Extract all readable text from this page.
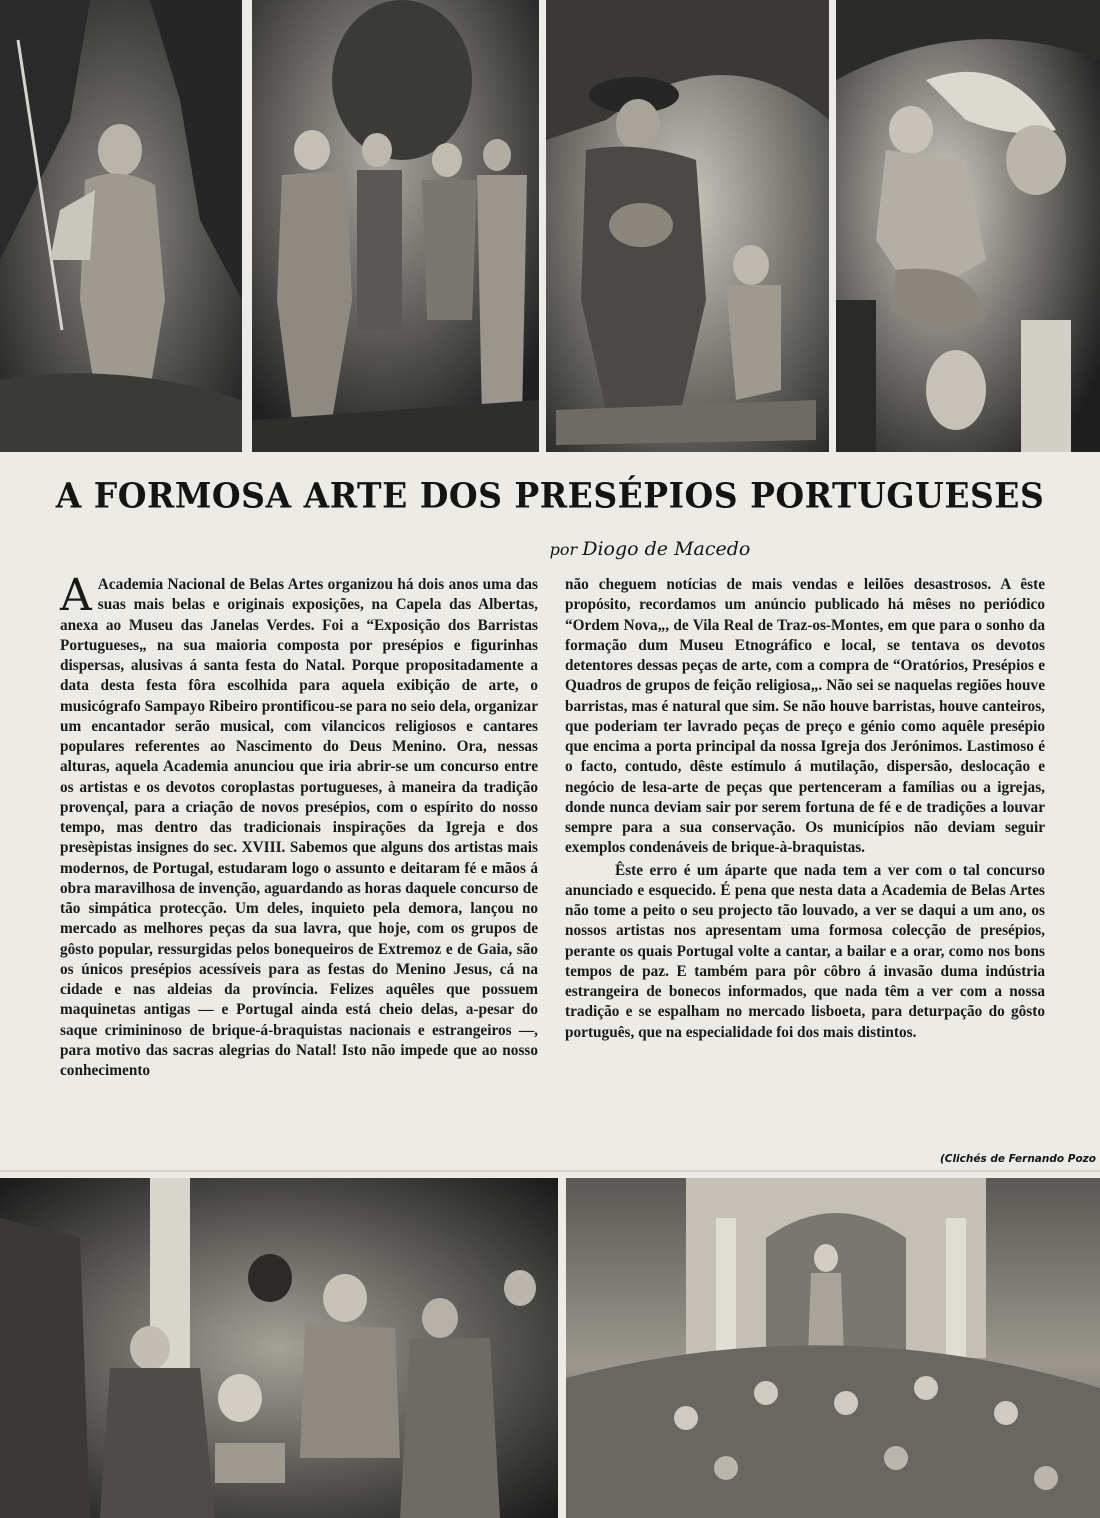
A FORMOSA ARTE DOS PRESÉPIOS PORTUGUESES
por Diogo de Macedo

A Academia Nacional de Belas Artes organizou há dois anos uma das suas mais belas e originais exposições, na Capela das Albertas, anexa ao Museu das Janelas Verdes. Foi a “Exposição dos Barristas Portugueses„ na sua maioria composta por presépios e figurinhas dispersas, alusivas á santa festa do Natal. Porque propositadamente a data desta festa fôra escolhida para aquela exibição de arte, o musicógrafo Sampayo Ribeiro prontificou-se para no seio dela, organizar um encantador serão musical, com vilancicos religiosos e cantares populares referentes ao Nascimento do Deus Menino. Ora, nessas alturas, aquela Academia anunciou que iria abrir-se um concurso entre os artistas e os devotos coroplastas portugueses, à maneira da tradição provençal, para a criação de novos presépios, com o espírito do nosso tempo, mas dentro das tradicionais inspirações da Igreja e dos presèpistas insignes do sec. XVIII. Sabemos que alguns dos artistas mais modernos, de Portugal, estudaram logo o assunto e deitaram fé e mãos á obra maravilhosa de invenção, aguardando as horas daquele concurso de tão simpática protecção. Um deles, inquieto pela demora, lançou no mercado as melhores peças da sua lavra, que hoje, com os grupos de gôsto popular, ressurgidas pelos bonequeiros de Extremoz e de Gaia, são os únicos presépios acessíveis para as festas do Menino Jesus, cá na cidade e nas aldeias da província. Felizes aquêles que possuem maquinetas antigas — e Portugal ainda está cheio delas, a-pesar do saque crimininoso de brique-á-braquistas nacionais e estrangeiros —, para motivo das sacras alegrias do Natal! Isto não impede que ao nosso conhecimento

não cheguem notícias de mais vendas e leilões desastrosos. A êste propósito, recordamos um anúncio publicado há mêses no periódico “Ordem Nova„, de Vila Real de Traz-os-Montes, em que para o sonho da formação dum Museu Etnográfico e local, se tentava os devotos detentores dessas peças de arte, com a compra de “Oratórios, Presépios e Quadros de grupos de feição religiosa„. Não sei se naquelas regiões houve barristas, mas é natural que sim. Se não houve barristas, houve canteiros, que poderiam ter lavrado peças de preço e génio como aquêle presépio que encima a porta principal da nossa Igreja dos Jerónimos. Lastimoso é o facto, contudo, dêste estímulo á mutilação, dispersão, deslocação e negócio de lesa-arte de peças que pertenceram a famílias ou a igrejas, donde nunca deviam sair por serem fortuna de fé e de tradições a louvar sempre para a sua conservação. Os municípios não deviam seguir exemplos condenáveis de brique-à-braquistas.

Êste erro é um áparte que nada tem a ver com o tal concurso anunciado e esquecido. É pena que nesta data a Academia de Belas Artes não tome a peito o seu projecto tão louvado, a ver se daqui a um ano, os nossos artistas nos apresentam uma formosa colecção de presépios, perante os quais Portugal volte a cantar, a bailar e a orar, como nos bons tempos de paz. E também para pôr côbro á invasão duma indústria estrangeira de bonecos informados, que nada têm a ver com a nossa tradição e se espalham no mercado lisboeta, para deturpação do gôsto português, que na especialidade foi dos mais distintos.

(Clichés de Fernando Pozo
